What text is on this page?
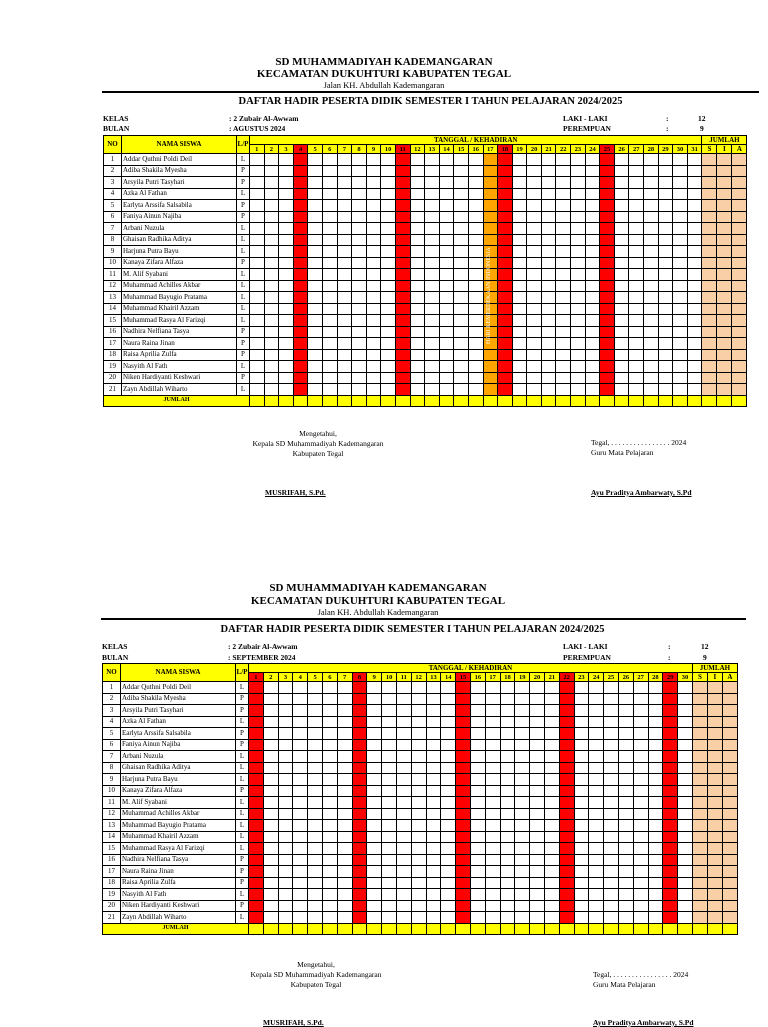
SD MUHAMMADIYAH KADEMANGARAN
KECAMATAN DUKUHTURI KABUPATEN TEGAL
Jalan KH. Abdullah Kademangaran
DAFTAR HADIR PESERTA DIDIK SEMESTER I TAHUN PELAJARAN 2024/2025
KELAS	: 2 Zubair Al-Awwam
BULAN	: AGUSTUS 2024
LAKI - LAKI	:	12
PEREMPUAN	:	9
NO	NAMA SISWA	L/P	TANGGAL / KEHADIRAN																															JUMLAH		
			1	2	3	4	5	6	7	8	9	10	11	12	13	14	15	16	17	18	19	20	21	22	23	24	25	26	27	28	29	30	31	S	I	A
1	Addar Quthni Poldi Deil	L																																		
2	Adiba Shakila Myesha	P																																		
3	Arsyila Putri Tasyhari	P																																		
4	Azka Al Fathan	L																																		
5	Earlyta Arssifa Salsabila	P																																		
6	Faniya Ainun Najiba	P																																		
7	Arbani Nuzula	L																																		
8	Ghaisan Radhika Aditya	L																																		
9	Harjuna Putra Bayu	L																																		
10	Kanaya Zifara Alfaza	P																																		
11	M. Alif Syabani	L																																		
12	Muhammad Achilles Akbar	L																																		
13	Muhammad Bayugio Pratama	L																																		
14	Muhammad Khairil Azzam	L																																		
15	Muhammad Rasya Al Farizqi	L																																		
16	Nadhira Nelfiana Tasya	P																																		
17	Naura Raina Jinan	P																																		
18	Raisa Aprilia Zulfa	P																																		
19	Nasyith Al Fath	L																																		
20	Niken Hardiyanti Keshwari	P																																		
21	Zayn Abdillah Wiharto	L																																		
JUMLAH																																				
Mengetahui,
Kepala SD Muhammadiyah Kademangaran
Kabupaten Tegal
Tegal, . . . . . . . . . . . . . . . . 2024
Guru Mata Pelajaran
MUSRIFAH, S.Pd.	Ayu Praditya Ambarwaty, S.Pd
HARI KEMERDEKAAN INDONESIA
SD MUHAMMADIYAH KADEMANGARAN
KECAMATAN DUKUHTURI KABUPATEN TEGAL
Jalan KH. Abdullah Kademangaran
DAFTAR HADIR PESERTA DIDIK SEMESTER I TAHUN PELAJARAN 2024/2025
KELAS	: 2 Zubair Al-Awwam
BULAN	: SEPTEMBER 2024
LAKI - LAKI	:	12
PEREMPUAN	:	9
NO	NAMA SISWA	L/P	TANGGAL / KEHADIRAN																														JUMLAH		
			1	2	3	4	5	6	7	8	9	10	11	12	13	14	15	16	17	18	19	20	21	22	23	24	25	26	27	28	29	30	S	I	A
1	Addar Quthni Poldi Deil	L																																	
2	Adiba Shakila Myesha	P																																	
3	Arsyila Putri Tasyhari	P																																	
4	Azka Al Fathan	L																																	
5	Earlyta Arssifa Salsabila	P																																	
6	Faniya Ainun Najiba	P																																	
7	Arbani Nuzula	L																																	
8	Ghaisan Radhika Aditya	L																																	
9	Harjuna Putra Bayu	L																																	
10	Kanaya Zifara Alfaza	P																																	
11	M. Alif Syabani	L																																	
12	Muhammad Achilles Akbar	L																																	
13	Muhammad Bayugio Pratama	L																																	
14	Muhammad Khairil Azzam	L																																	
15	Muhammad Rasya Al Farizqi	L																																	
16	Nadhira Nelfiana Tasya	P																																	
17	Naura Raina Jinan	P																																	
18	Raisa Aprilia Zulfa	P																																	
19	Nasyith Al Fath	L																																	
20	Niken Hardiyanti Keshwari	P																																	
21	Zayn Abdillah Wiharto	L																																	
JUMLAH																																			
Mengetahui,
Kepala SD Muhammadiyah Kademangaran
Kabupaten Tegal
Tegal, . . . . . . . . . . . . . . . . 2024
Guru Mata Pelajaran
MUSRIFAH, S.Pd.	Ayu Praditya Ambarwaty, S.Pd
